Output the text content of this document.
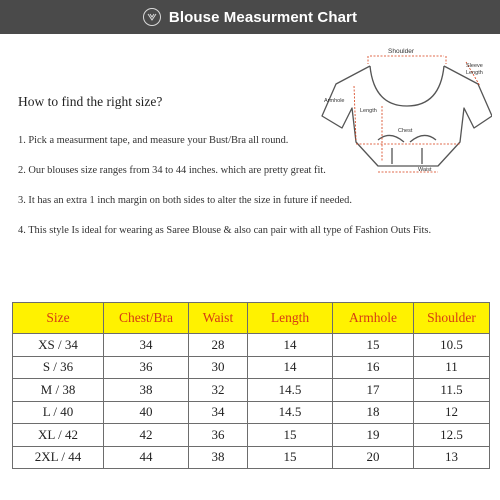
Blouse Measurment Chart
How to find the right size?
1. Pick a measurment tape, and measure your Bust/Bra all round.
2. Our blouses size ranges from 34 to 44 inches. which are pretty great fit.
3. It has an extra 1 inch margin on both sides to alter the size in future if needed.
4. This style Is ideal for wearing as Saree Blouse & also can pair with all type of Fashion Outs Fits.
Shoulder
Sleeve
Length
Armhole
Length
Chest
Waist
Size	Chest/Bra	Waist	Length	Armhole	Shoulder
XS / 34	34	28	14	15	10.5
S / 36	36	30	14	16	11
M / 38	38	32	14.5	17	11.5
L / 40	40	34	14.5	18	12
XL / 42	42	36	15	19	12.5
2XL / 44	44	38	15	20	13
